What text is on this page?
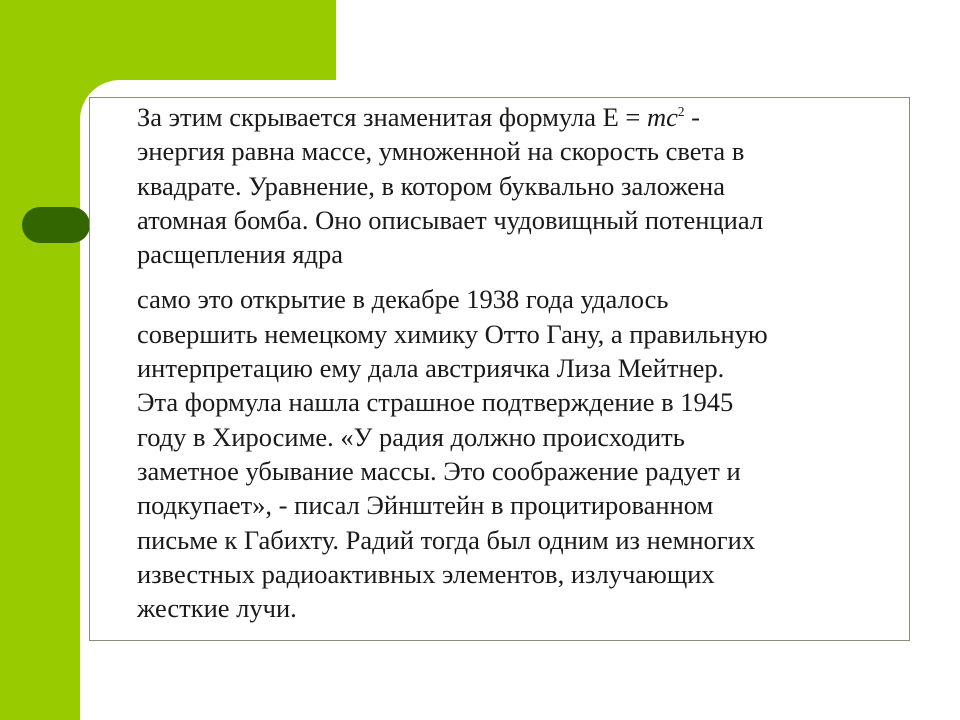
За этим скрывается знаменитая формула $Е = mc^2$ -
энергия равна массе, умноженной на скорость света в
квадрате. Уравнение, в котором буквально заложена
атомная бомба. Оно описывает чудовищный потенциал
расщепления ядра

само это открытие в декабре 1938 года удалось
совершить немецкому химику Отто Гану, а правильную
интерпретацию ему дала австриячка Лиза Мейтнер.
Эта формула нашла страшное подтверждение в 1945
году в Хиросиме. «У радия должно происходить
заметное убывание массы. Это соображение радует и
подкупает», - писал Эйнштейн в процитированном
письме к Габихту. Радий тогда был одним из немногих
известных радиоактивных элементов, излучающих
жесткие лучи.
